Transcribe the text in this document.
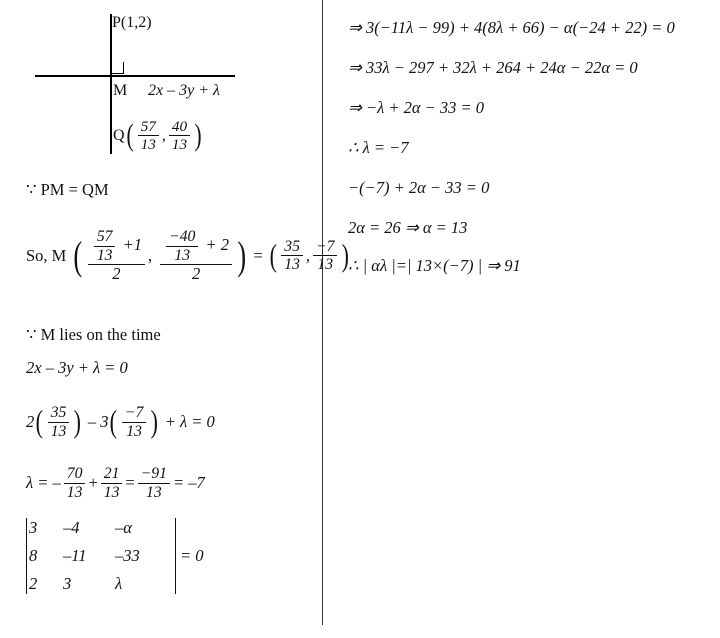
P(1,2)
M 2x – 3y + λ
Q ( $\frac{57}{13}$ , $\frac{40}{13}$ )
∵ PM = QM
So, M ( $\frac{\frac{57}{13} +1}{2}$ , $\frac{\frac{-40}{13} + 2}{2}$ ) = ( $\frac{35}{13}$ , $\frac{-7}{13}$ )
∵ M lies on the time
2x – 3y + λ = 0
2 ( $\frac{35}{13}$ ) – 3 ( $\frac{-7}{13}$ ) + λ = 0
λ = – $\frac{70}{13} + \frac{21}{13} = \frac{-91}{13} = -7$
3	–4	–α
8	–11	–33
2	3	λ
= 0
⇒ 3(−11λ − 99) + 4(8λ + 66) − α(−24 + 22) = 0
⇒ 33λ − 297 + 32λ + 264 + 24α − 22α = 0
⇒ −λ + 2α − 33 = 0
∴ λ = −7
−(−7) + 2α − 33 = 0
2α = 26 ⇒ α = 13
∴ | αλ |=| 13×(−7) | ⇒ 91
